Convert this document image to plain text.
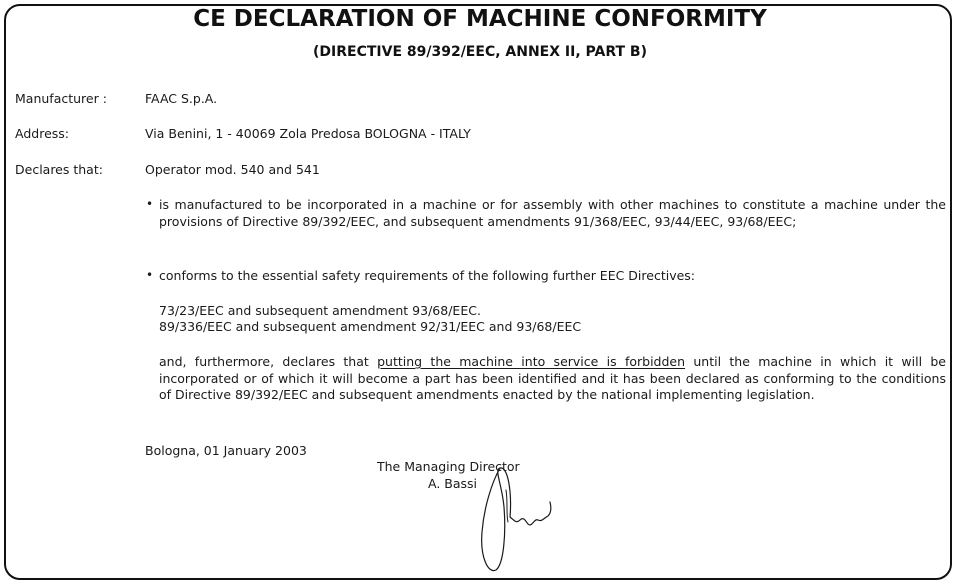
CE DECLARATION OF MACHINE CONFORMITY
(DIRECTIVE 89/392/EEC, ANNEX II, PART B)
Manufacturer :	FAAC S.p.A.
Address:	Via Benini, 1 - 40069 Zola Predosa BOLOGNA - ITALY
Declares that:	Operator mod. 540 and 541
• is manufactured to be incorporated in a machine or for assembly with other machines to constitute a machine under the provisions of Directive 89/392/EEC, and subsequent amendments 91/368/EEC, 93/44/EEC, 93/68/EEC;
• conforms to the essential safety requirements of the following further EEC Directives:
73/23/EEC and subsequent amendment 93/68/EEC.
89/336/EEC and subsequent amendment 92/31/EEC and 93/68/EEC
and, furthermore, declares that putting the machine into service is forbidden until the machine in which it will be incorporated or of which it will become a part has been identified and it has been declared as conforming to the conditions of Directive 89/392/EEC and subsequent amendments enacted by the national implementing legislation.
Bologna, 01 January 2003
The Managing Director
A. Bassi
